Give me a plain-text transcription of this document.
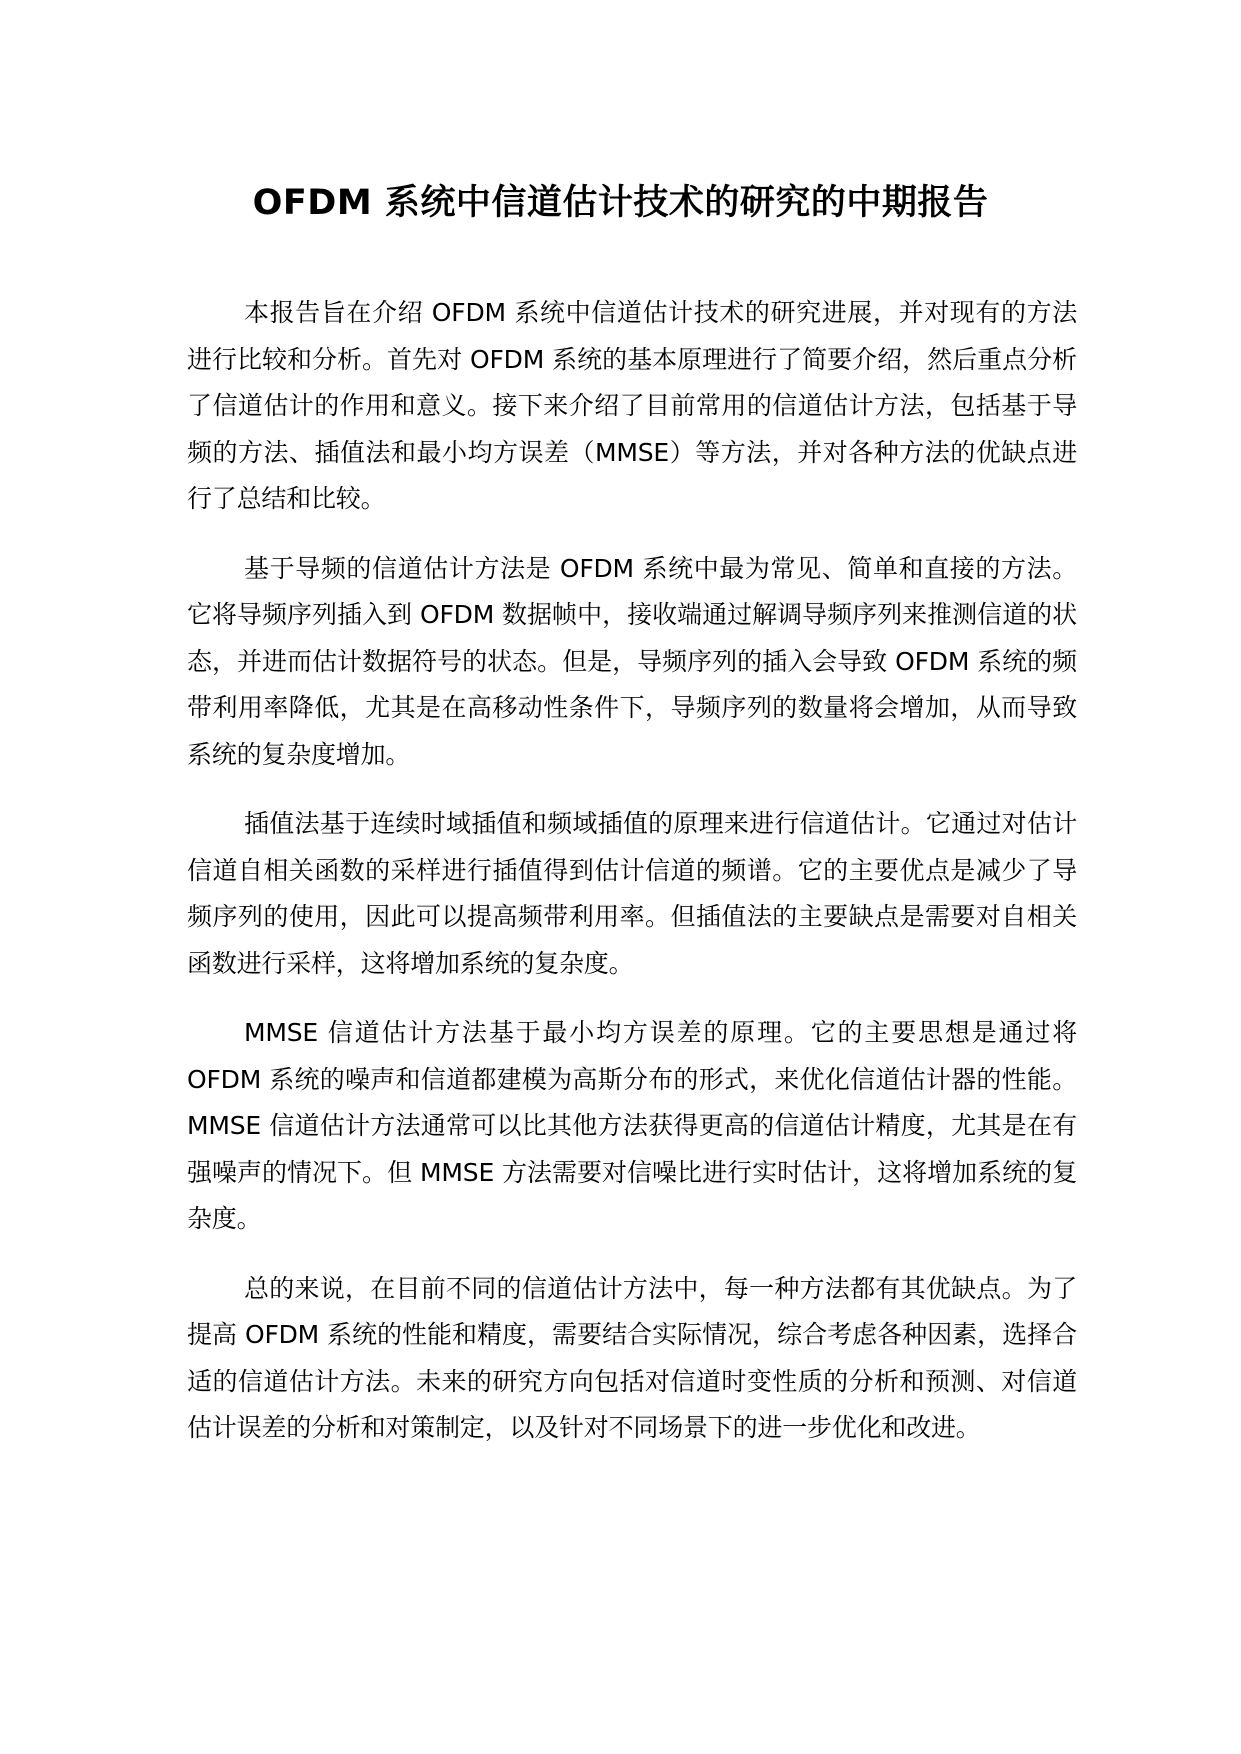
OFDM 系统中信道估计技术的研究的中期报告

本报告旨在介绍 OFDM 系统中信道估计技术的研究进展，并对现有的方法进行比较和分析。首先对 OFDM 系统的基本原理进行了简要介绍，然后重点分析了信道估计的作用和意义。接下来介绍了目前常用的信道估计方法，包括基于导频的方法、插值法和最小均方误差（MMSE）等方法，并对各种方法的优缺点进行了总结和比较。

基于导频的信道估计方法是 OFDM 系统中最为常见、简单和直接的方法。它将导频序列插入到 OFDM 数据帧中，接收端通过解调导频序列来推测信道的状态，并进而估计数据符号的状态。但是，导频序列的插入会导致 OFDM 系统的频带利用率降低，尤其是在高移动性条件下，导频序列的数量将会增加，从而导致系统的复杂度增加。

插值法基于连续时域插值和频域插值的原理来进行信道估计。它通过对估计信道自相关函数的采样进行插值得到估计信道的频谱。它的主要优点是减少了导频序列的使用，因此可以提高频带利用率。但插值法的主要缺点是需要对自相关函数进行采样，这将增加系统的复杂度。

MMSE 信道估计方法基于最小均方误差的原理。它的主要思想是通过将 OFDM 系统的噪声和信道都建模为高斯分布的形式，来优化信道估计器的性能。MMSE 信道估计方法通常可以比其他方法获得更高的信道估计精度，尤其是在有强噪声的情况下。但 MMSE 方法需要对信噪比进行实时估计，这将增加系统的复杂度。

总的来说，在目前不同的信道估计方法中，每一种方法都有其优缺点。为了提高 OFDM 系统的性能和精度，需要结合实际情况，综合考虑各种因素，选择合适的信道估计方法。未来的研究方向包括对信道时变性质的分析和预测、对信道估计误差的分析和对策制定，以及针对不同场景下的进一步优化和改进。
